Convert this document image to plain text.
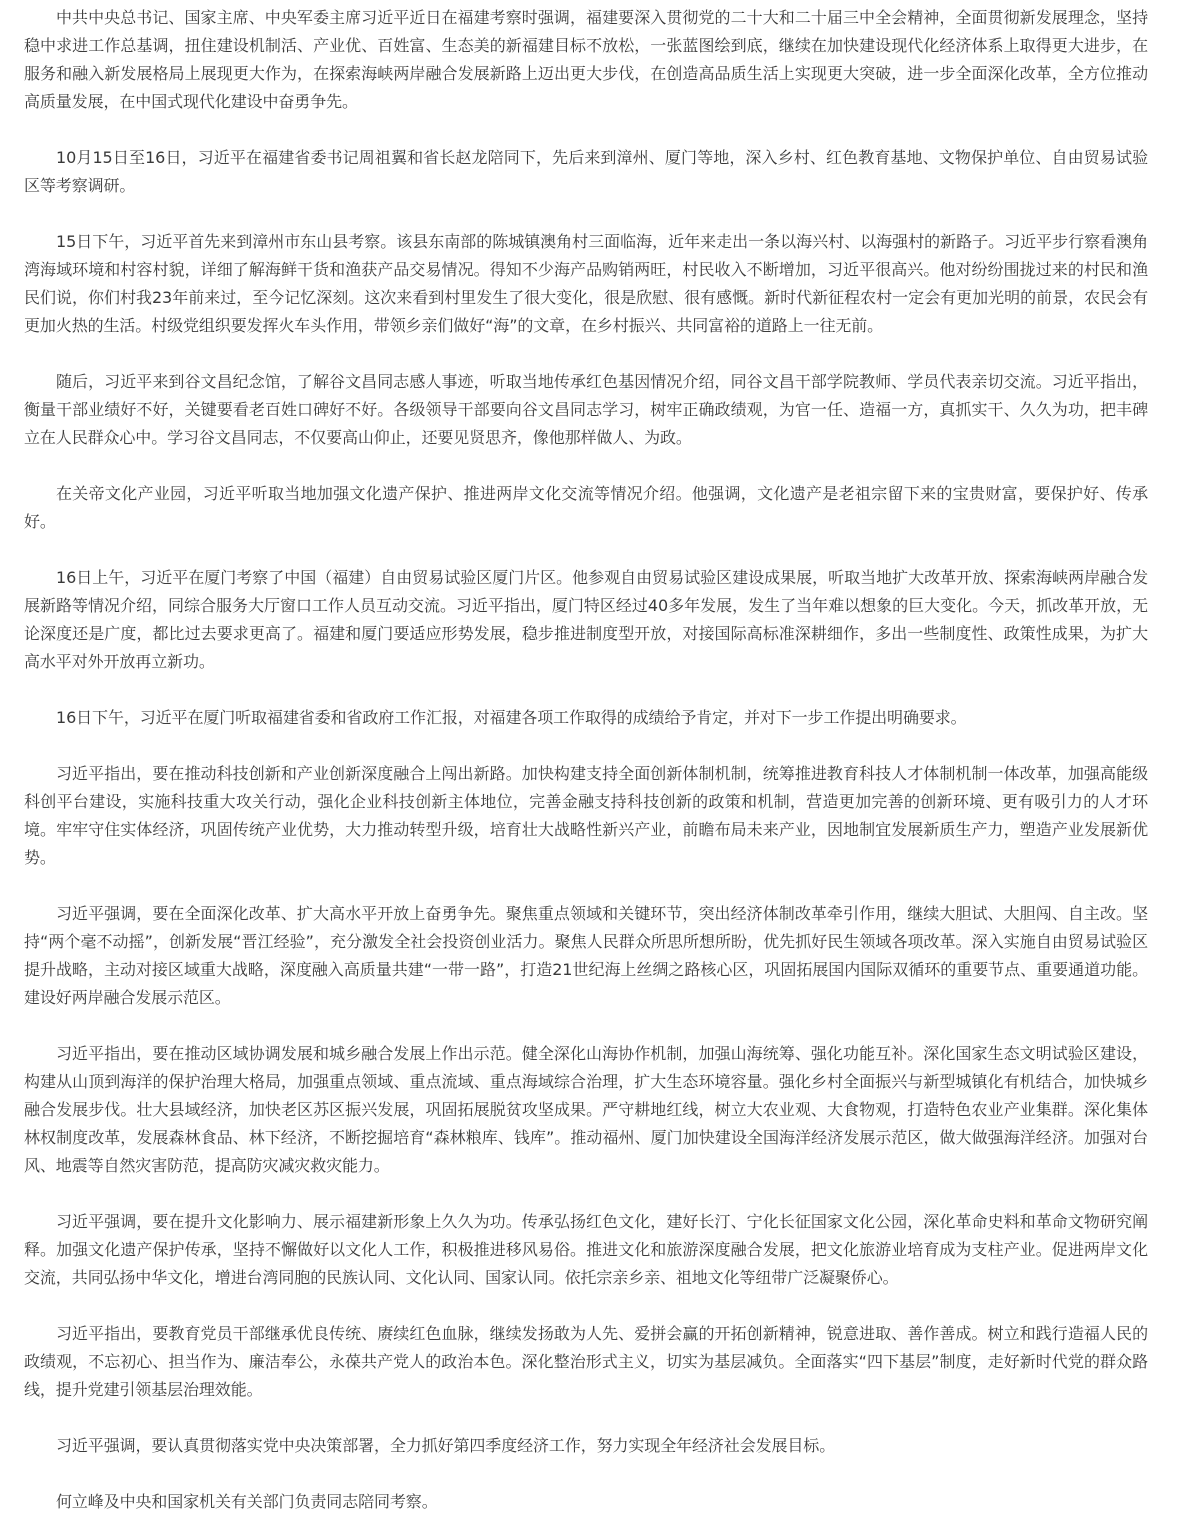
中共中央总书记、国家主席、中央军委主席习近平近日在福建考察时强调，福建要深入贯彻党的二十大和二十届三中全会精神，全面贯彻新发展理念，坚持稳中求进工作总基调，扭住建设机制活、产业优、百姓富、生态美的新福建目标不放松，一张蓝图绘到底，继续在加快建设现代化经济体系上取得更大进步，在服务和融入新发展格局上展现更大作为，在探索海峡两岸融合发展新路上迈出更大步伐，在创造高品质生活上实现更大突破，进一步全面深化改革，全方位推动高质量发展，在中国式现代化建设中奋勇争先。

10月15日至16日，习近平在福建省委书记周祖翼和省长赵龙陪同下，先后来到漳州、厦门等地，深入乡村、红色教育基地、文物保护单位、自由贸易试验区等考察调研。

15日下午，习近平首先来到漳州市东山县考察。该县东南部的陈城镇澳角村三面临海，近年来走出一条以海兴村、以海强村的新路子。习近平步行察看澳角湾海域环境和村容村貌，详细了解海鲜干货和渔获产品交易情况。得知不少海产品购销两旺，村民收入不断增加，习近平很高兴。他对纷纷围拢过来的村民和渔民们说，你们村我23年前来过，至今记忆深刻。这次来看到村里发生了很大变化，很是欣慰、很有感慨。新时代新征程农村一定会有更加光明的前景，农民会有更加火热的生活。村级党组织要发挥火车头作用，带领乡亲们做好“海”的文章，在乡村振兴、共同富裕的道路上一往无前。

随后，习近平来到谷文昌纪念馆，了解谷文昌同志感人事迹，听取当地传承红色基因情况介绍，同谷文昌干部学院教师、学员代表亲切交流。习近平指出，衡量干部业绩好不好，关键要看老百姓口碑好不好。各级领导干部要向谷文昌同志学习，树牢正确政绩观，为官一任、造福一方，真抓实干、久久为功，把丰碑立在人民群众心中。学习谷文昌同志，不仅要高山仰止，还要见贤思齐，像他那样做人、为政。

在关帝文化产业园，习近平听取当地加强文化遗产保护、推进两岸文化交流等情况介绍。他强调，文化遗产是老祖宗留下来的宝贵财富，要保护好、传承好。

16日上午，习近平在厦门考察了中国（福建）自由贸易试验区厦门片区。他参观自由贸易试验区建设成果展，听取当地扩大改革开放、探索海峡两岸融合发展新路等情况介绍，同综合服务大厅窗口工作人员互动交流。习近平指出，厦门特区经过40多年发展，发生了当年难以想象的巨大变化。今天，抓改革开放，无论深度还是广度，都比过去要求更高了。福建和厦门要适应形势发展，稳步推进制度型开放，对接国际高标准深耕细作，多出一些制度性、政策性成果，为扩大高水平对外开放再立新功。

16日下午，习近平在厦门听取福建省委和省政府工作汇报，对福建各项工作取得的成绩给予肯定，并对下一步工作提出明确要求。

习近平指出，要在推动科技创新和产业创新深度融合上闯出新路。加快构建支持全面创新体制机制，统筹推进教育科技人才体制机制一体改革，加强高能级科创平台建设，实施科技重大攻关行动，强化企业科技创新主体地位，完善金融支持科技创新的政策和机制，营造更加完善的创新环境、更有吸引力的人才环境。牢牢守住实体经济，巩固传统产业优势，大力推动转型升级，培育壮大战略性新兴产业，前瞻布局未来产业，因地制宜发展新质生产力，塑造产业发展新优势。

习近平强调，要在全面深化改革、扩大高水平开放上奋勇争先。聚焦重点领域和关键环节，突出经济体制改革牵引作用，继续大胆试、大胆闯、自主改。坚持“两个毫不动摇”，创新发展“晋江经验”，充分激发全社会投资创业活力。聚焦人民群众所思所想所盼，优先抓好民生领域各项改革。深入实施自由贸易试验区提升战略，主动对接区域重大战略，深度融入高质量共建“一带一路”，打造21世纪海上丝绸之路核心区，巩固拓展国内国际双循环的重要节点、重要通道功能。建设好两岸融合发展示范区。

习近平指出，要在推动区域协调发展和城乡融合发展上作出示范。健全深化山海协作机制，加强山海统筹、强化功能互补。深化国家生态文明试验区建设，构建从山顶到海洋的保护治理大格局，加强重点领域、重点流域、重点海域综合治理，扩大生态环境容量。强化乡村全面振兴与新型城镇化有机结合，加快城乡融合发展步伐。壮大县域经济，加快老区苏区振兴发展，巩固拓展脱贫攻坚成果。严守耕地红线，树立大农业观、大食物观，打造特色农业产业集群。深化集体林权制度改革，发展森林食品、林下经济，不断挖掘培育“森林粮库、钱库”。推动福州、厦门加快建设全国海洋经济发展示范区，做大做强海洋经济。加强对台风、地震等自然灾害防范，提高防灾减灾救灾能力。

习近平强调，要在提升文化影响力、展示福建新形象上久久为功。传承弘扬红色文化，建好长汀、宁化长征国家文化公园，深化革命史料和革命文物研究阐释。加强文化遗产保护传承，坚持不懈做好以文化人工作，积极推进移风易俗。推进文化和旅游深度融合发展，把文化旅游业培育成为支柱产业。促进两岸文化交流，共同弘扬中华文化，增进台湾同胞的民族认同、文化认同、国家认同。依托宗亲乡亲、祖地文化等纽带广泛凝聚侨心。

习近平指出，要教育党员干部继承优良传统、赓续红色血脉，继续发扬敢为人先、爱拼会赢的开拓创新精神，锐意进取、善作善成。树立和践行造福人民的政绩观，不忘初心、担当作为、廉洁奉公，永葆共产党人的政治本色。深化整治形式主义，切实为基层减负。全面落实“四下基层”制度，走好新时代党的群众路线，提升党建引领基层治理效能。

习近平强调，要认真贯彻落实党中央决策部署，全力抓好第四季度经济工作，努力实现全年经济社会发展目标。

何立峰及中央和国家机关有关部门负责同志陪同考察。
